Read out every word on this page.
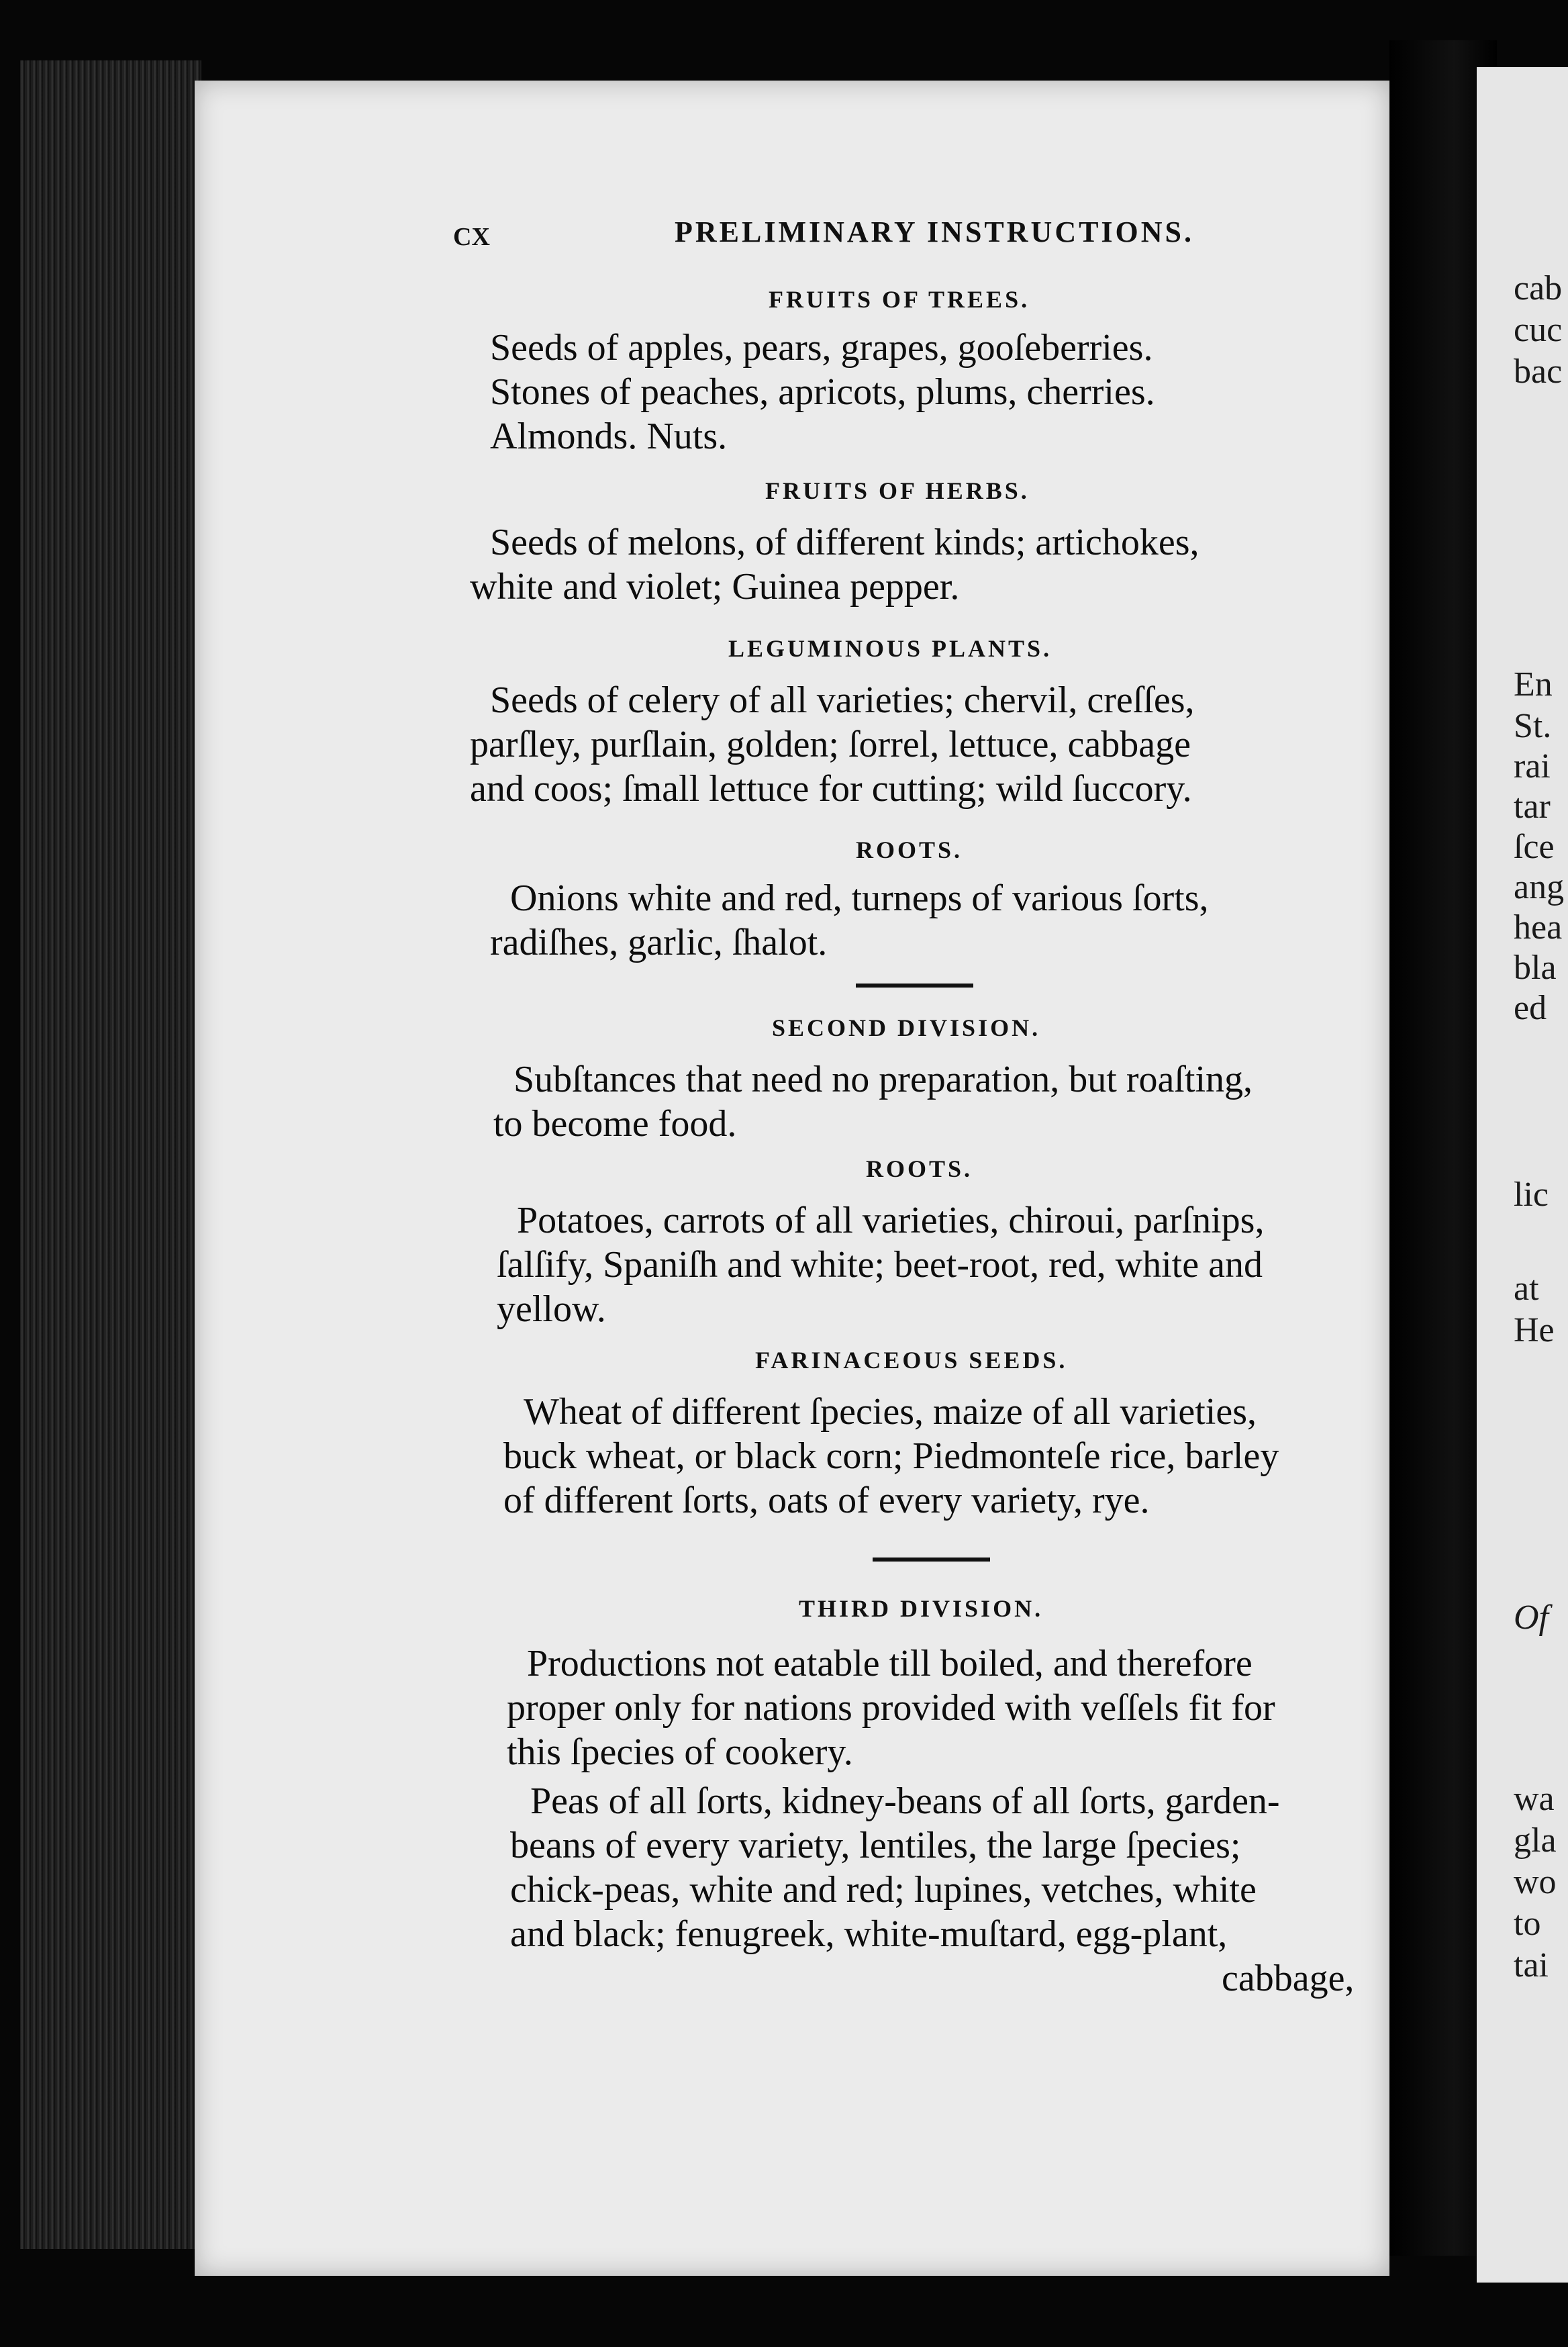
cab
cuc
bac
En
St.
rai
tar
ſce
ang
hea
bla
ed
lic
at
He
Of
wa
gla
wo
to
tai
cx	PRELIMINARY INSTRUCTIONS.
FRUITS OF TREES.
Seeds of apples, pears, grapes, gooſeberries.
Stones of peaches, apricots, plums, cherries.
Almonds. Nuts.
FRUITS OF HERBS.
Seeds of melons, of different kinds; artichokes,
white and violet; Guinea pepper.
LEGUMINOUS PLANTS.
Seeds of celery of all varieties; chervil, creſſes,
parſley, purſlain, golden; ſorrel, lettuce, cabbage
and coos; ſmall lettuce for cutting; wild ſuccory.
ROOTS.
Onions white and red, turneps of various ſorts,
radiſhes, garlic, ſhalot.
SECOND DIVISION.
Subſtances that need no preparation, but roaſting,
to become food.
ROOTS.
Potatoes, carrots of all varieties, chiroui, parſnips,
ſalſify, Spaniſh and white; beet-root, red, white and
yellow.
FARINACEOUS SEEDS.
Wheat of different ſpecies, maize of all varieties,
buck wheat, or black corn; Piedmonteſe rice, barley
of different ſorts, oats of every variety, rye.
THIRD DIVISION.
Productions not eatable till boiled, and therefore
proper only for nations provided with veſſels fit for
this ſpecies of cookery.
Peas of all ſorts, kidney-beans of all ſorts, garden-
beans of every variety, lentiles, the large ſpecies;
chick-peas, white and red; lupines, vetches, white
and black; fenugreek, white-muſtard, egg-plant,
cabbage,
